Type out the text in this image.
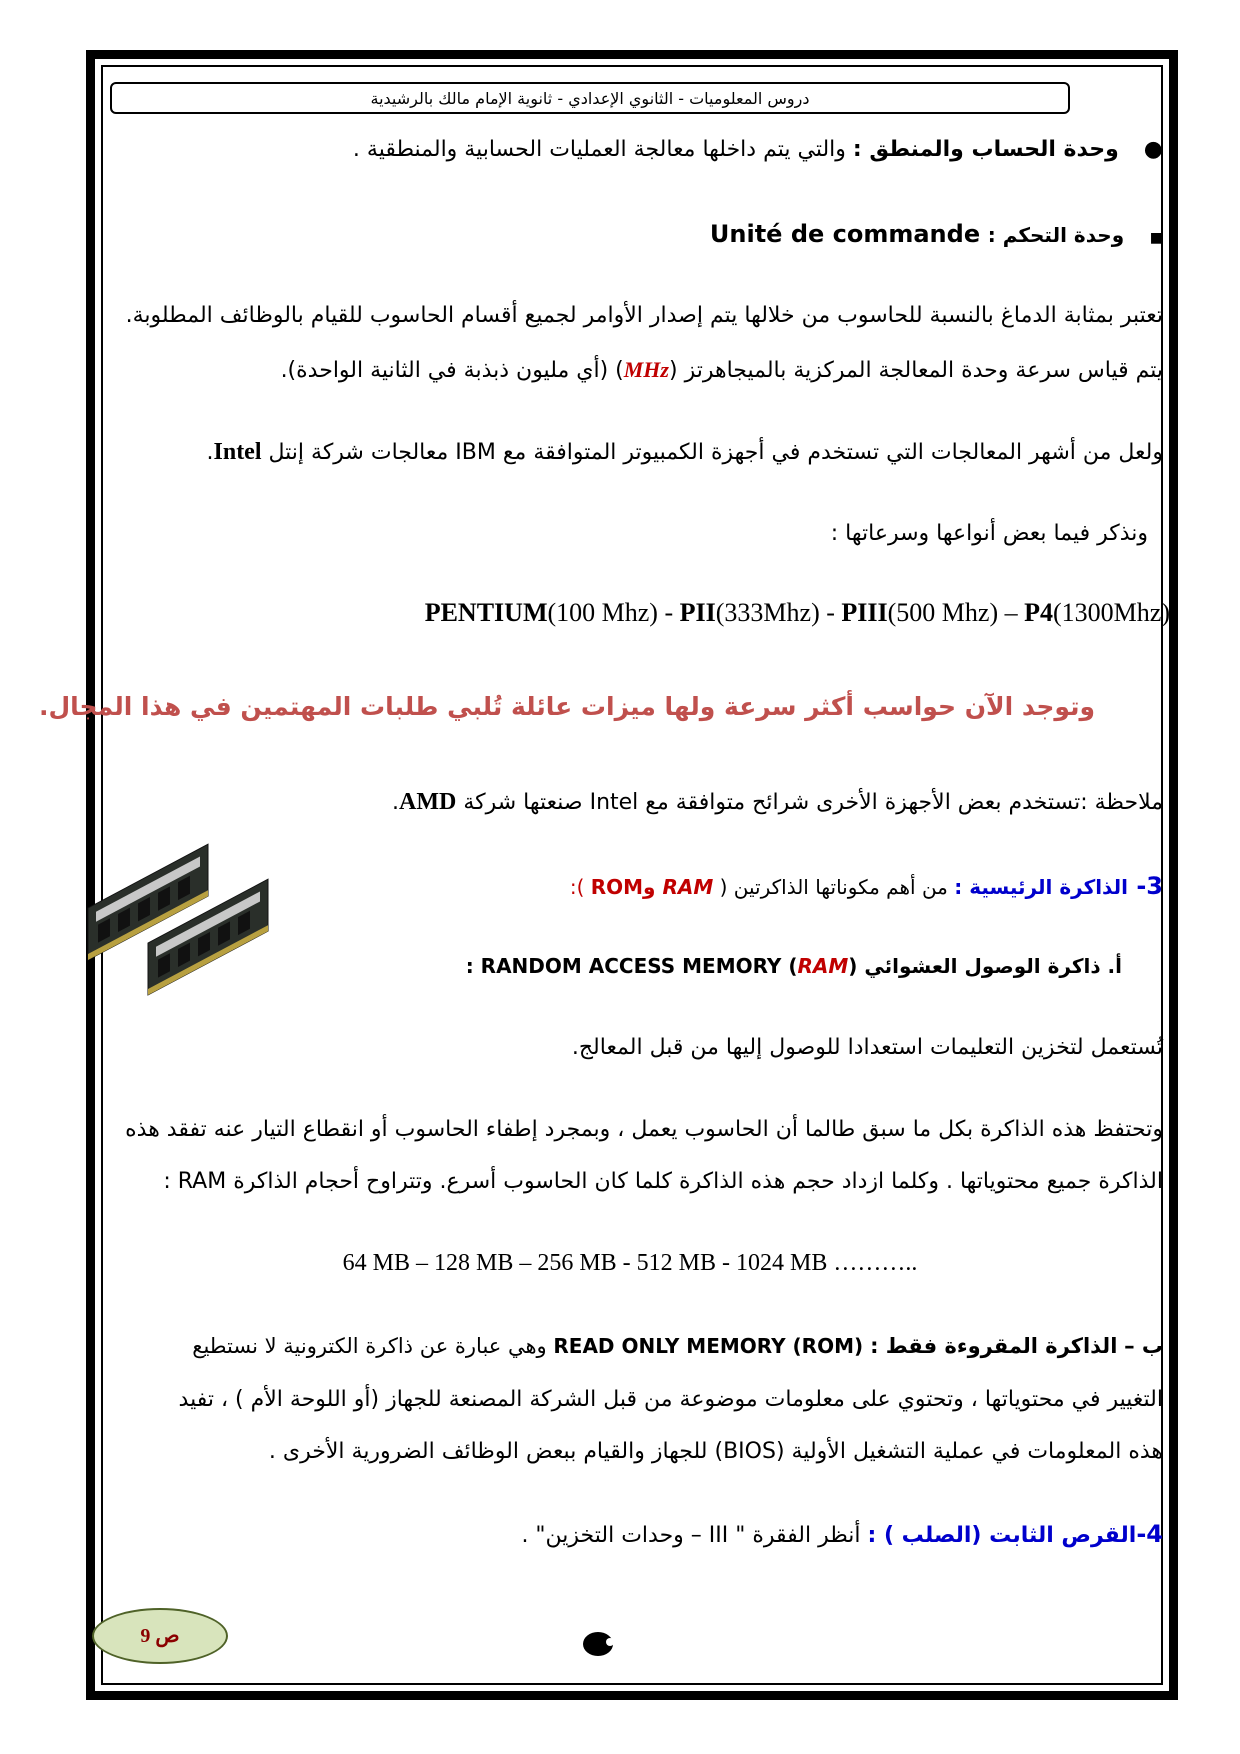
دروس المعلوميات - الثانوي الإعدادي - ثانوية الإمام مالك بالرشيدية
● وحدة الحساب والمنطق : والتي يتم داخلها معالجة العمليات الحسابية والمنطقية .
■ وحدة التحكم : Unité de commande
تعتبر بمثابة الدماغ بالنسبة للحاسوب من خلالها يتم إصدار الأوامر لجميع أقسام الحاسوب للقيام بالوظائف المطلوبة.
يتم قياس سرعة وحدة المعالجة المركزية بالميجاهرتز (MHz) (أي مليون ذبذبة في الثانية الواحدة).
ولعل من أشهر المعالجات التي تستخدم في أجهزة الكمبيوتر المتوافقة مع IBM معالجات شركة إنتل Intel.
ونذكر فيما بعض أنواعها وسرعاتها :
PENTIUM(100 Mhz) - PII(333Mhz) - PIII(500 Mhz) – P4(1300Mhz)
وتوجد الآن حواسب أكثر سرعة ولها ميزات عائلة تُلبي طلبات المهتمين في هذا المجال.
ملاحظة :تستخدم بعض الأجهزة الأخرى شرائح متوافقة مع Intel صنعتها شركة AMD.
3- الذاكرة الرئيسية : من أهم مكوناتها الذاكرتين ( RAM وROM ):
أ. ذاكرة الوصول العشوائي (RAM) RANDOM ACCESS MEMORY :
تُستعمل لتخزين التعليمات استعدادا للوصول إليها من قبل المعالج.
وتحتفظ هذه الذاكرة بكل ما سبق طالما أن الحاسوب يعمل ، وبمجرد إطفاء الحاسوب أو انقطاع التيار عنه تفقد هذه
الذاكرة جميع محتوياتها . وكلما ازداد حجم هذه الذاكرة كلما كان الحاسوب أسرع. وتتراوح أحجام الذاكرة RAM :
64 MB – 128 MB – 256 MB - 512 MB - 1024 MB ………..
ب – الذاكرة المقروءة فقط : READ ONLY MEMORY (ROM) وهي عبارة عن ذاكرة الكترونية لا نستطيع
التغيير في محتوياتها ، وتحتوي على معلومات موضوعة من قبل الشركة المصنعة للجهاز (أو اللوحة الأم ) ، تفيد
هذه المعلومات في عملية التشغيل الأولية (BIOS) للجهاز والقيام ببعض الوظائف الضرورية الأخرى .
4-القرص الثابت (الصلب ) : أنظر الفقرة " III – وحدات التخزين" .
ص 9
